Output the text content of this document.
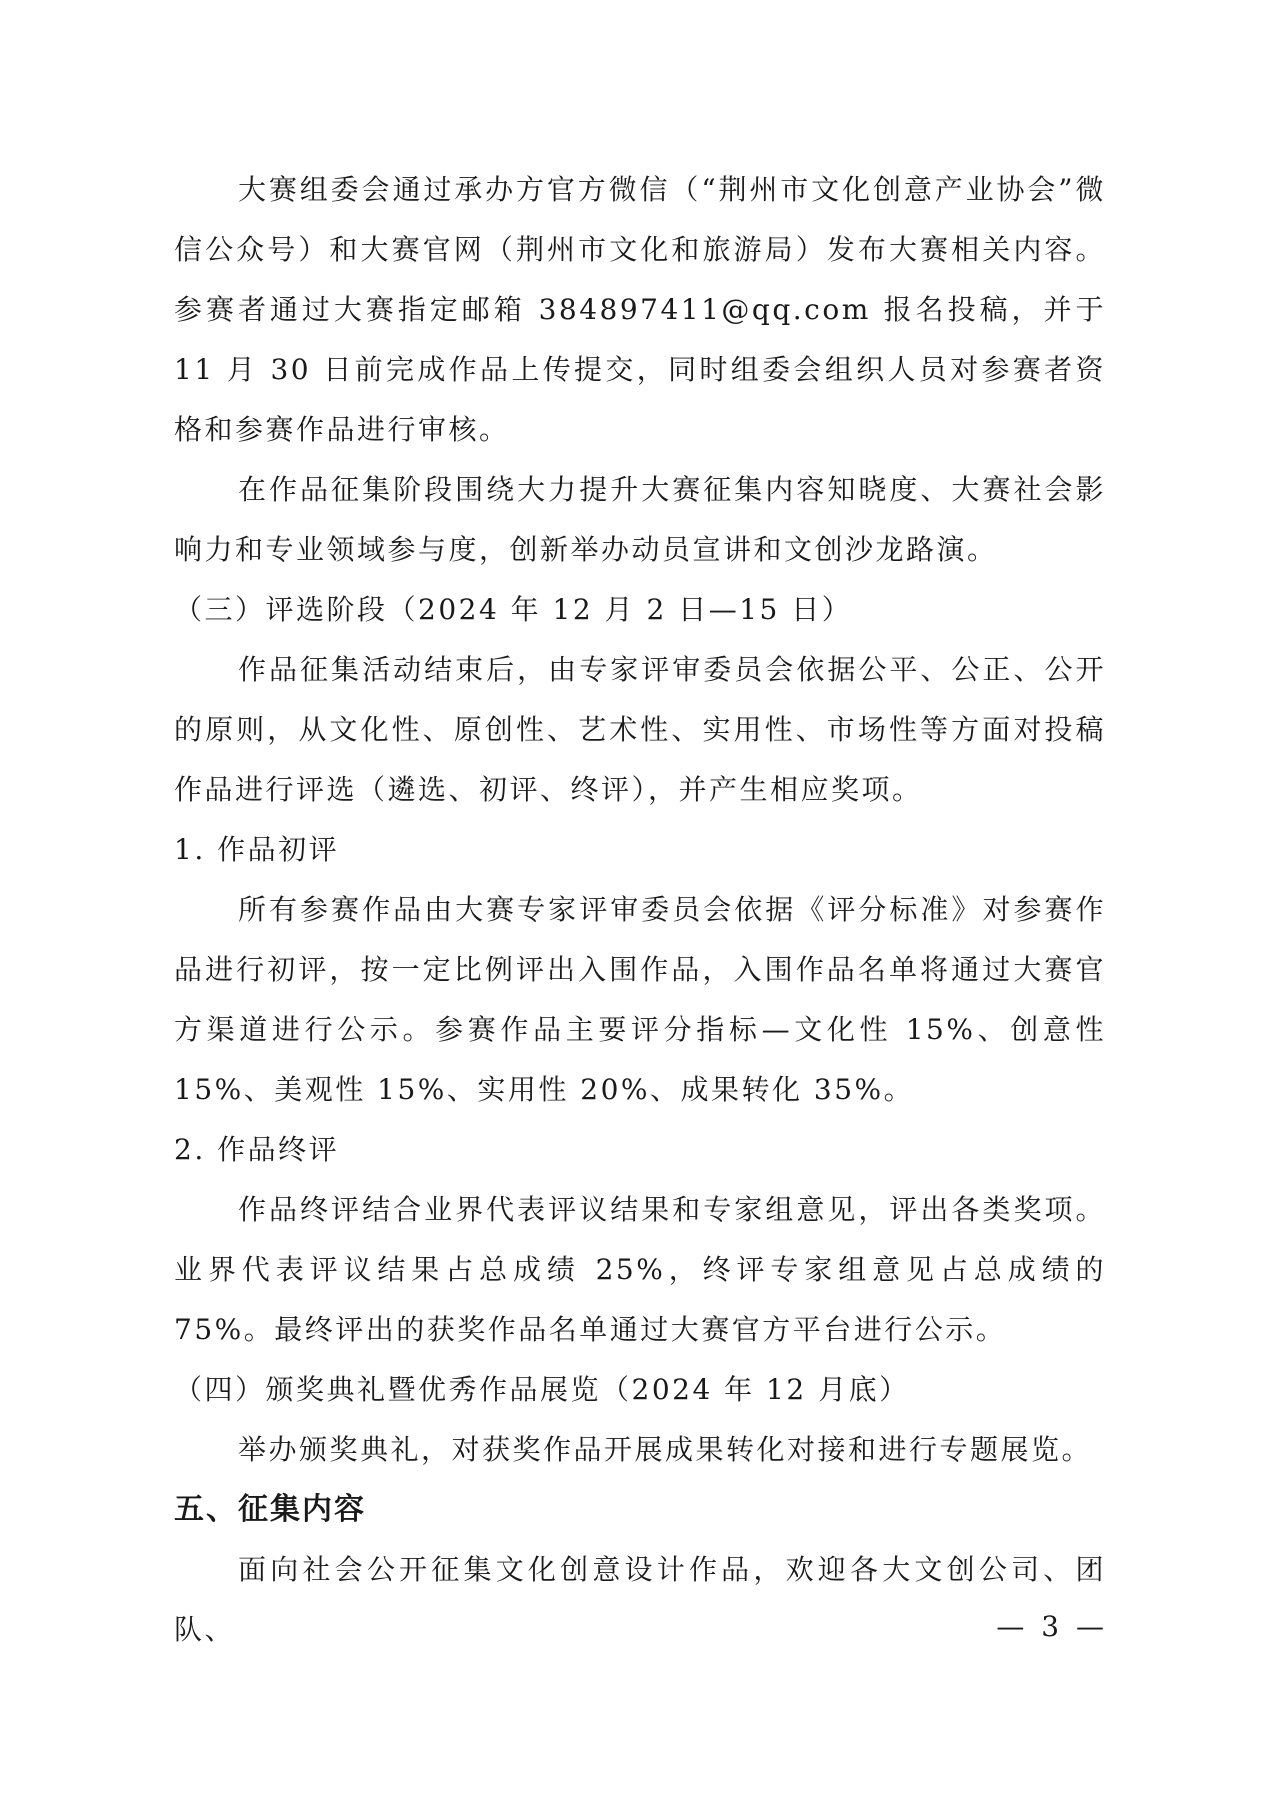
大赛组委会通过承办方官方微信（“荆州市文化创意产业协会”微信公众号）和大赛官网（荆州市文化和旅游局）发布大赛相关内容。参赛者通过大赛指定邮箱 384897411@qq.com 报名投稿，并于 11 月 30 日前完成作品上传提交，同时组委会组织人员对参赛者资格和参赛作品进行审核。

在作品征集阶段围绕大力提升大赛征集内容知晓度、大赛社会影响力和专业领域参与度，创新举办动员宣讲和文创沙龙路演。

（三）评选阶段（2024 年 12 月 2 日—15 日）

作品征集活动结束后，由专家评审委员会依据公平、公正、公开的原则，从文化性、原创性、艺术性、实用性、市场性等方面对投稿作品进行评选（遴选、初评、终评），并产生相应奖项。

1. 作品初评

所有参赛作品由大赛专家评审委员会依据《评分标准》对参赛作品进行初评，按一定比例评出入围作品，入围作品名单将通过大赛官方渠道进行公示。参赛作品主要评分指标—文化性 15%、创意性 15%、美观性 15%、实用性 20%、成果转化 35%。

2. 作品终评

作品终评结合业界代表评议结果和专家组意见，评出各类奖项。业界代表评议结果占总成绩 25%，终评专家组意见占总成绩的 75%。最终评出的获奖作品名单通过大赛官方平台进行公示。

（四）颁奖典礼暨优秀作品展览（2024 年 12 月底）

举办颁奖典礼，对获奖作品开展成果转化对接和进行专题展览。

五、征集内容

面向社会公开征集文化创意设计作品，欢迎各大文创公司、团队、	— 3 —
